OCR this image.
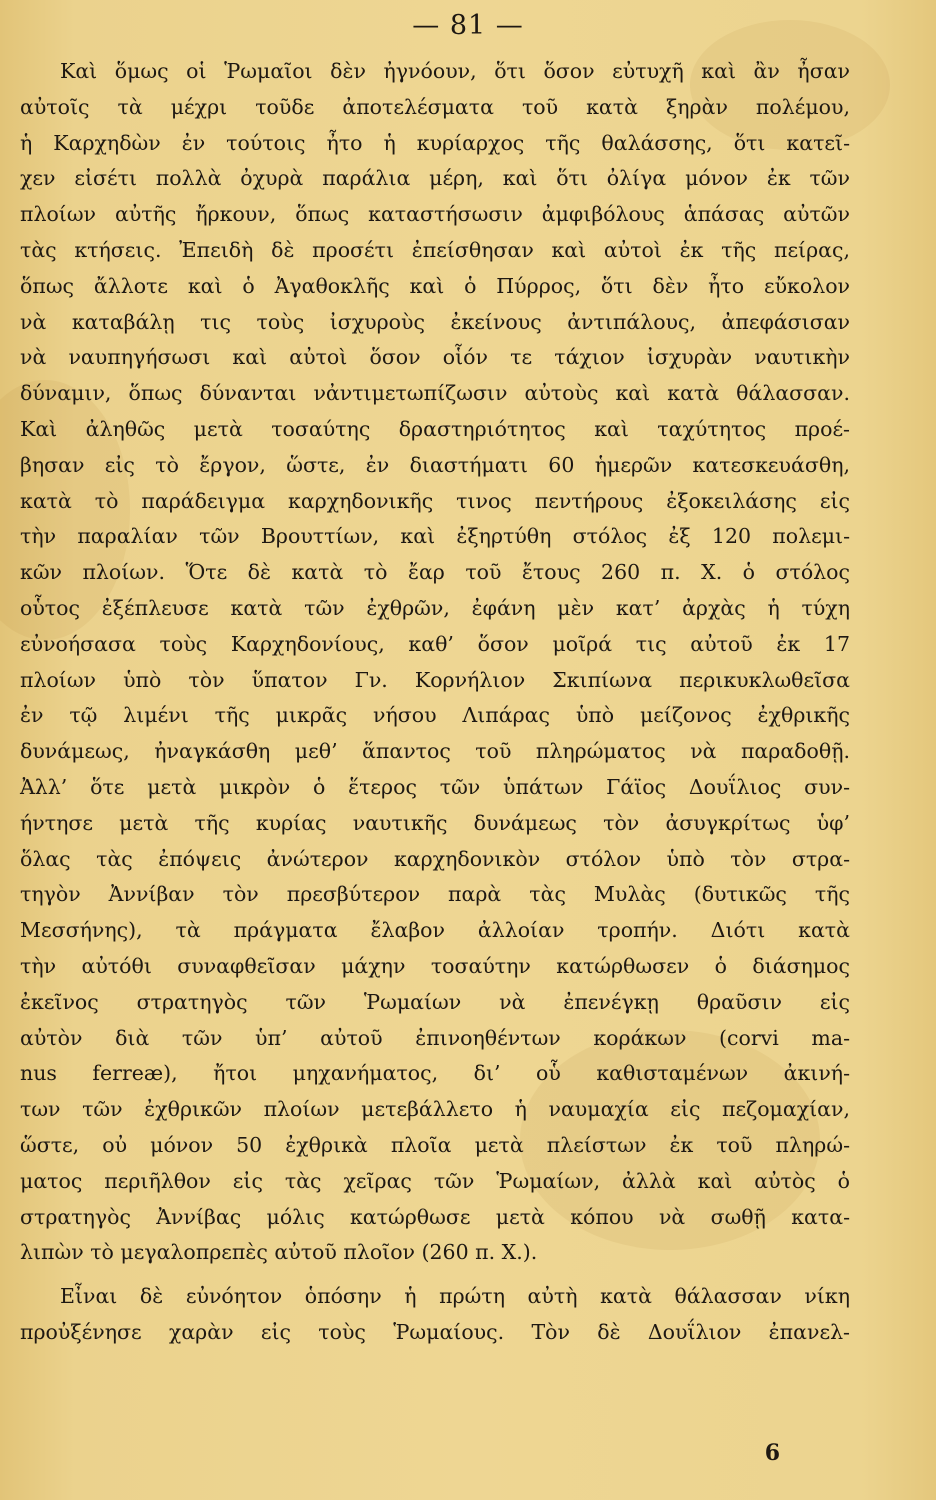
— 81 —
Καὶ ὅμως οἱ Ῥωμαῖοι δὲν ἠγνόουν, ὅτι ὅσον εὐτυχῆ καὶ ἂν ἦσαν
αὐτοῖς τὰ μέχρι τοῦδε ἀποτελέσματα τοῦ κατὰ ξηρὰν πολέμου,
ἡ Καρχηδὼν ἐν τούτοις ἦτο ἡ κυρίαρχος τῆς θαλάσσης, ὅτι κατεῖ-
χεν εἰσέτι πολλὰ ὀχυρὰ παράλια μέρη, καὶ ὅτι ὀλίγα μόνον ἐκ τῶν
πλοίων αὐτῆς ἤρκουν, ὅπως καταστήσωσιν ἀμφιβόλους ἁπάσας αὐτῶν
τὰς κτήσεις. Ἐπειδὴ δὲ προσέτι ἐπείσθησαν καὶ αὐτοὶ ἐκ τῆς πείρας,
ὅπως ἄλλοτε καὶ ὁ Ἀγαθοκλῆς καὶ ὁ Πύρρος, ὅτι δὲν ἦτο εὔκολον
νὰ καταβάλῃ τις τοὺς ἰσχυροὺς ἐκείνους ἀντιπάλους, ἀπεφάσισαν
νὰ ναυπηγήσωσι καὶ αὐτοὶ ὅσον οἷόν τε τάχιον ἰσχυρὰν ναυτικὴν
δύναμιν, ὅπως δύνανται νἀντιμετωπίζωσιν αὐτοὺς καὶ κατὰ θάλασσαν.
Καὶ ἀληθῶς μετὰ τοσαύτης δραστηριότητος καὶ ταχύτητος προέ-
βησαν εἰς τὸ ἔργον, ὥστε, ἐν διαστήματι 60 ἡμερῶν κατεσκευάσθη,
κατὰ τὸ παράδειγμα καρχηδονικῆς τινος πεντήρους ἐξοκειλάσης εἰς
τὴν παραλίαν τῶν Βρουττίων, καὶ ἐξηρτύθη στόλος ἐξ 120 πολεμι-
κῶν πλοίων. Ὅτε δὲ κατὰ τὸ ἔαρ τοῦ ἔτους 260 π. Χ. ὁ στόλος
οὗτος ἐξέπλευσε κατὰ τῶν ἐχθρῶν, ἐφάνη μὲν κατ’ ἀρχὰς ἡ τύχη
εὐνοήσασα τοὺς Καρχηδονίους, καθ’ ὅσον μοῖρά τις αὐτοῦ ἐκ 17
πλοίων ὑπὸ τὸν ὕπατον Γν. Κορνήλιον Σκιπίωνα περικυκλωθεῖσα
ἐν τῷ λιμένι τῆς μικρᾶς νήσου Λιπάρας ὑπὸ μείζονος ἐχθρικῆς
δυνάμεως, ἠναγκάσθη μεθ’ ἅπαντος τοῦ πληρώματος νὰ παραδοθῇ.
Ἀλλ’ ὅτε μετὰ μικρὸν ὁ ἕτερος τῶν ὑπάτων Γάϊος Δουΐλιος συν-
ήντησε μετὰ τῆς κυρίας ναυτικῆς δυνάμεως τὸν ἀσυγκρίτως ὑφ’
ὅλας τὰς ἐπόψεις ἀνώτερον καρχηδονικὸν στόλον ὑπὸ τὸν στρα-
τηγὸν Ἀννίβαν τὸν πρεσβύτερον παρὰ τὰς Μυλὰς (δυτικῶς τῆς
Μεσσήνης), τὰ πράγματα ἔλαβον ἀλλοίαν τροπήν. Διότι κατὰ
τὴν αὐτόθι συναφθεῖσαν μάχην τοσαύτην κατώρθωσεν ὁ διάσημος
ἐκεῖνος στρατηγὸς τῶν Ῥωμαίων νὰ ἐπενέγκῃ θραῦσιν εἰς
αὐτὸν διὰ τῶν ὑπ’ αὐτοῦ ἐπινοηθέντων κοράκων (corvi ma-
nus ferreæ), ἤτοι μηχανήματος, δι’ οὗ καθισταμένων ἀκινή-
των τῶν ἐχθρικῶν πλοίων μετεβάλλετο ἡ ναυμαχία εἰς πεζομαχίαν,
ὥστε, οὐ μόνον 50 ἐχθρικὰ πλοῖα μετὰ πλείστων ἐκ τοῦ πληρώ-
ματος περιῆλθον εἰς τὰς χεῖρας τῶν Ῥωμαίων, ἀλλὰ καὶ αὐτὸς ὁ
στρατηγὸς Ἀννίβας μόλις κατώρθωσε μετὰ κόπου νὰ σωθῇ κατα-
λιπὼν τὸ μεγαλοπρεπὲς αὐτοῦ πλοῖον (260 π. Χ.).
Εἶναι δὲ εὐνόητον ὁπόσην ἡ πρώτη αὐτὴ κατὰ θάλασσαν νίκη
προὐξένησε χαρὰν εἰς τοὺς Ῥωμαίους. Τὸν δὲ Δουΐλιον ἐπανελ-
6
